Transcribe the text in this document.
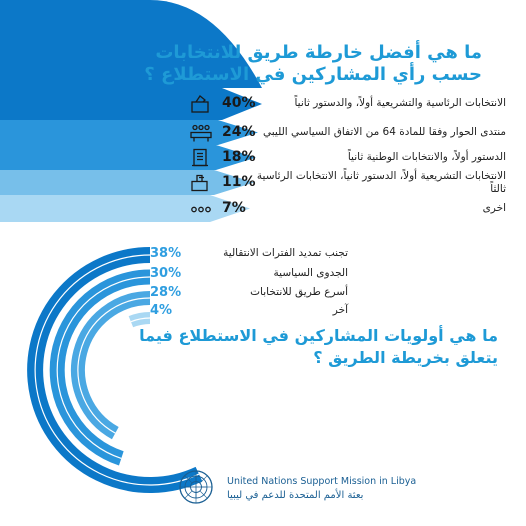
ما هي أفضل خارطة طريق للانتخابات
حسب رأي المشاركين في الاستطلاع ؟
40%	الانتخابات الرئاسية والتشريعية أولاً، والدستور ثانياً
24% منتدى الحوار وفقا للمادة 64 من الاتفاق السياسي الليبي
18%	الدستور أولاً، والانتخابات الوطنية ثانياً
11% الانتخابات التشريعية أولاً، الدستور ثانياً، الانتخابات الرئاسية ثالثاً
7%	اخرى
38%	تجنب تمديد الفترات الانتقالية
30%	الجدوى السياسية
28%	أسرع طريق للانتخابات
4%	آخر
ما هي أولويات المشاركين في الاستطلاع فيما
يتعلق بخريطة الطريق ؟
United Nations Support Mission in Libya
بعثة الأمم المتحدة للدعم في ليبيا
